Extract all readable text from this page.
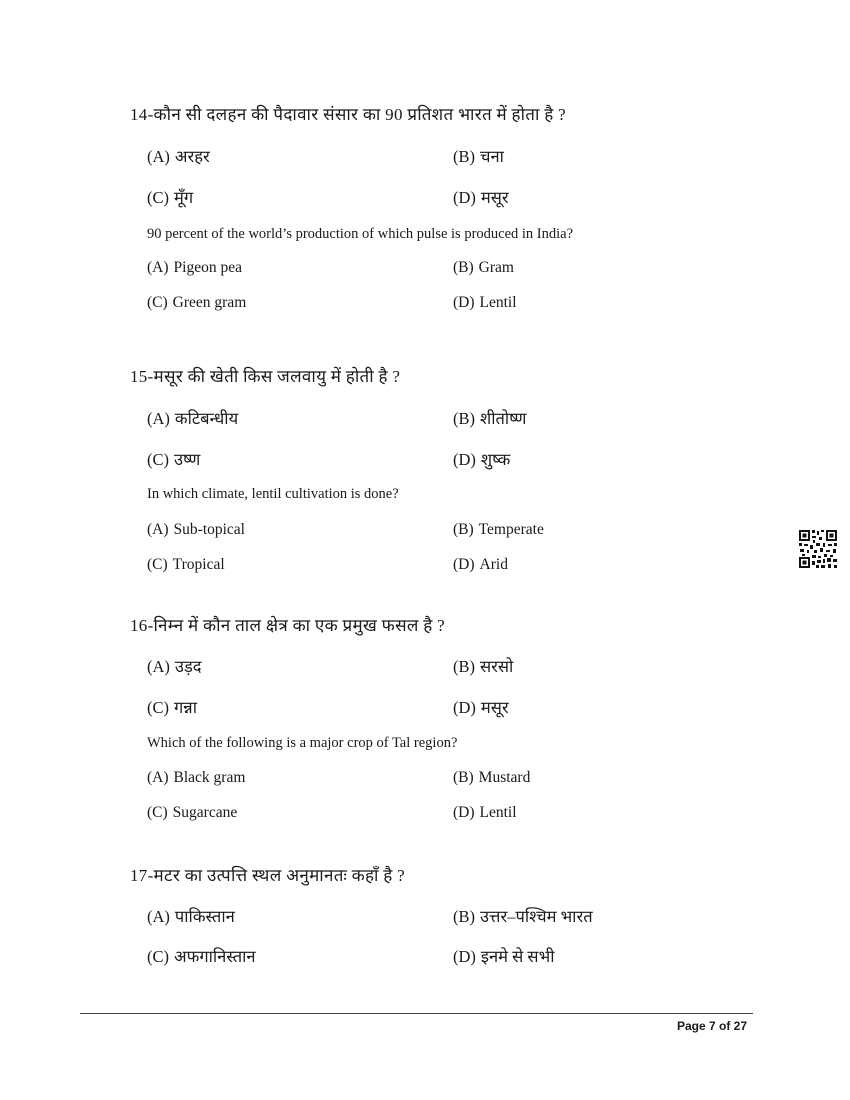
14-कौन सी दलहन की पैदावार संसार का 90 प्रतिशत भारत में होता है ?
(A) अरहर	(B) चना
(C) मूँग	(D) मसूर
90 percent of the world’s production of which pulse is produced in India?
(A) Pigeon pea	(B) Gram
(C) Green gram	(D) Lentil
15-मसूर की खेती किस जलवायु में होती है ?
(A) कटिबन्धीय	(B) शीतोष्ण
(C) उष्ण	(D) शुष्क
In which climate, lentil cultivation is done?
(A) Sub-topical	(B) Temperate
(C) Tropical	(D) Arid
16-निम्न में कौन ताल क्षेत्र का एक प्रमुख फसल है ?
(A) उड़द	(B) सरसो
(C) गन्ना	(D) मसूर
Which of the following is a major crop of Tal region?
(A) Black gram	(B) Mustard
(C) Sugarcane	(D) Lentil
17-मटर का उत्पत्ति स्थल अनुमानतः कहाँ है ?
(A) पाकिस्तान	(B) उत्तर–पश्चिम भारत
(C) अफगानिस्तान	(D) इनमे से सभी
Page 7 of 27
